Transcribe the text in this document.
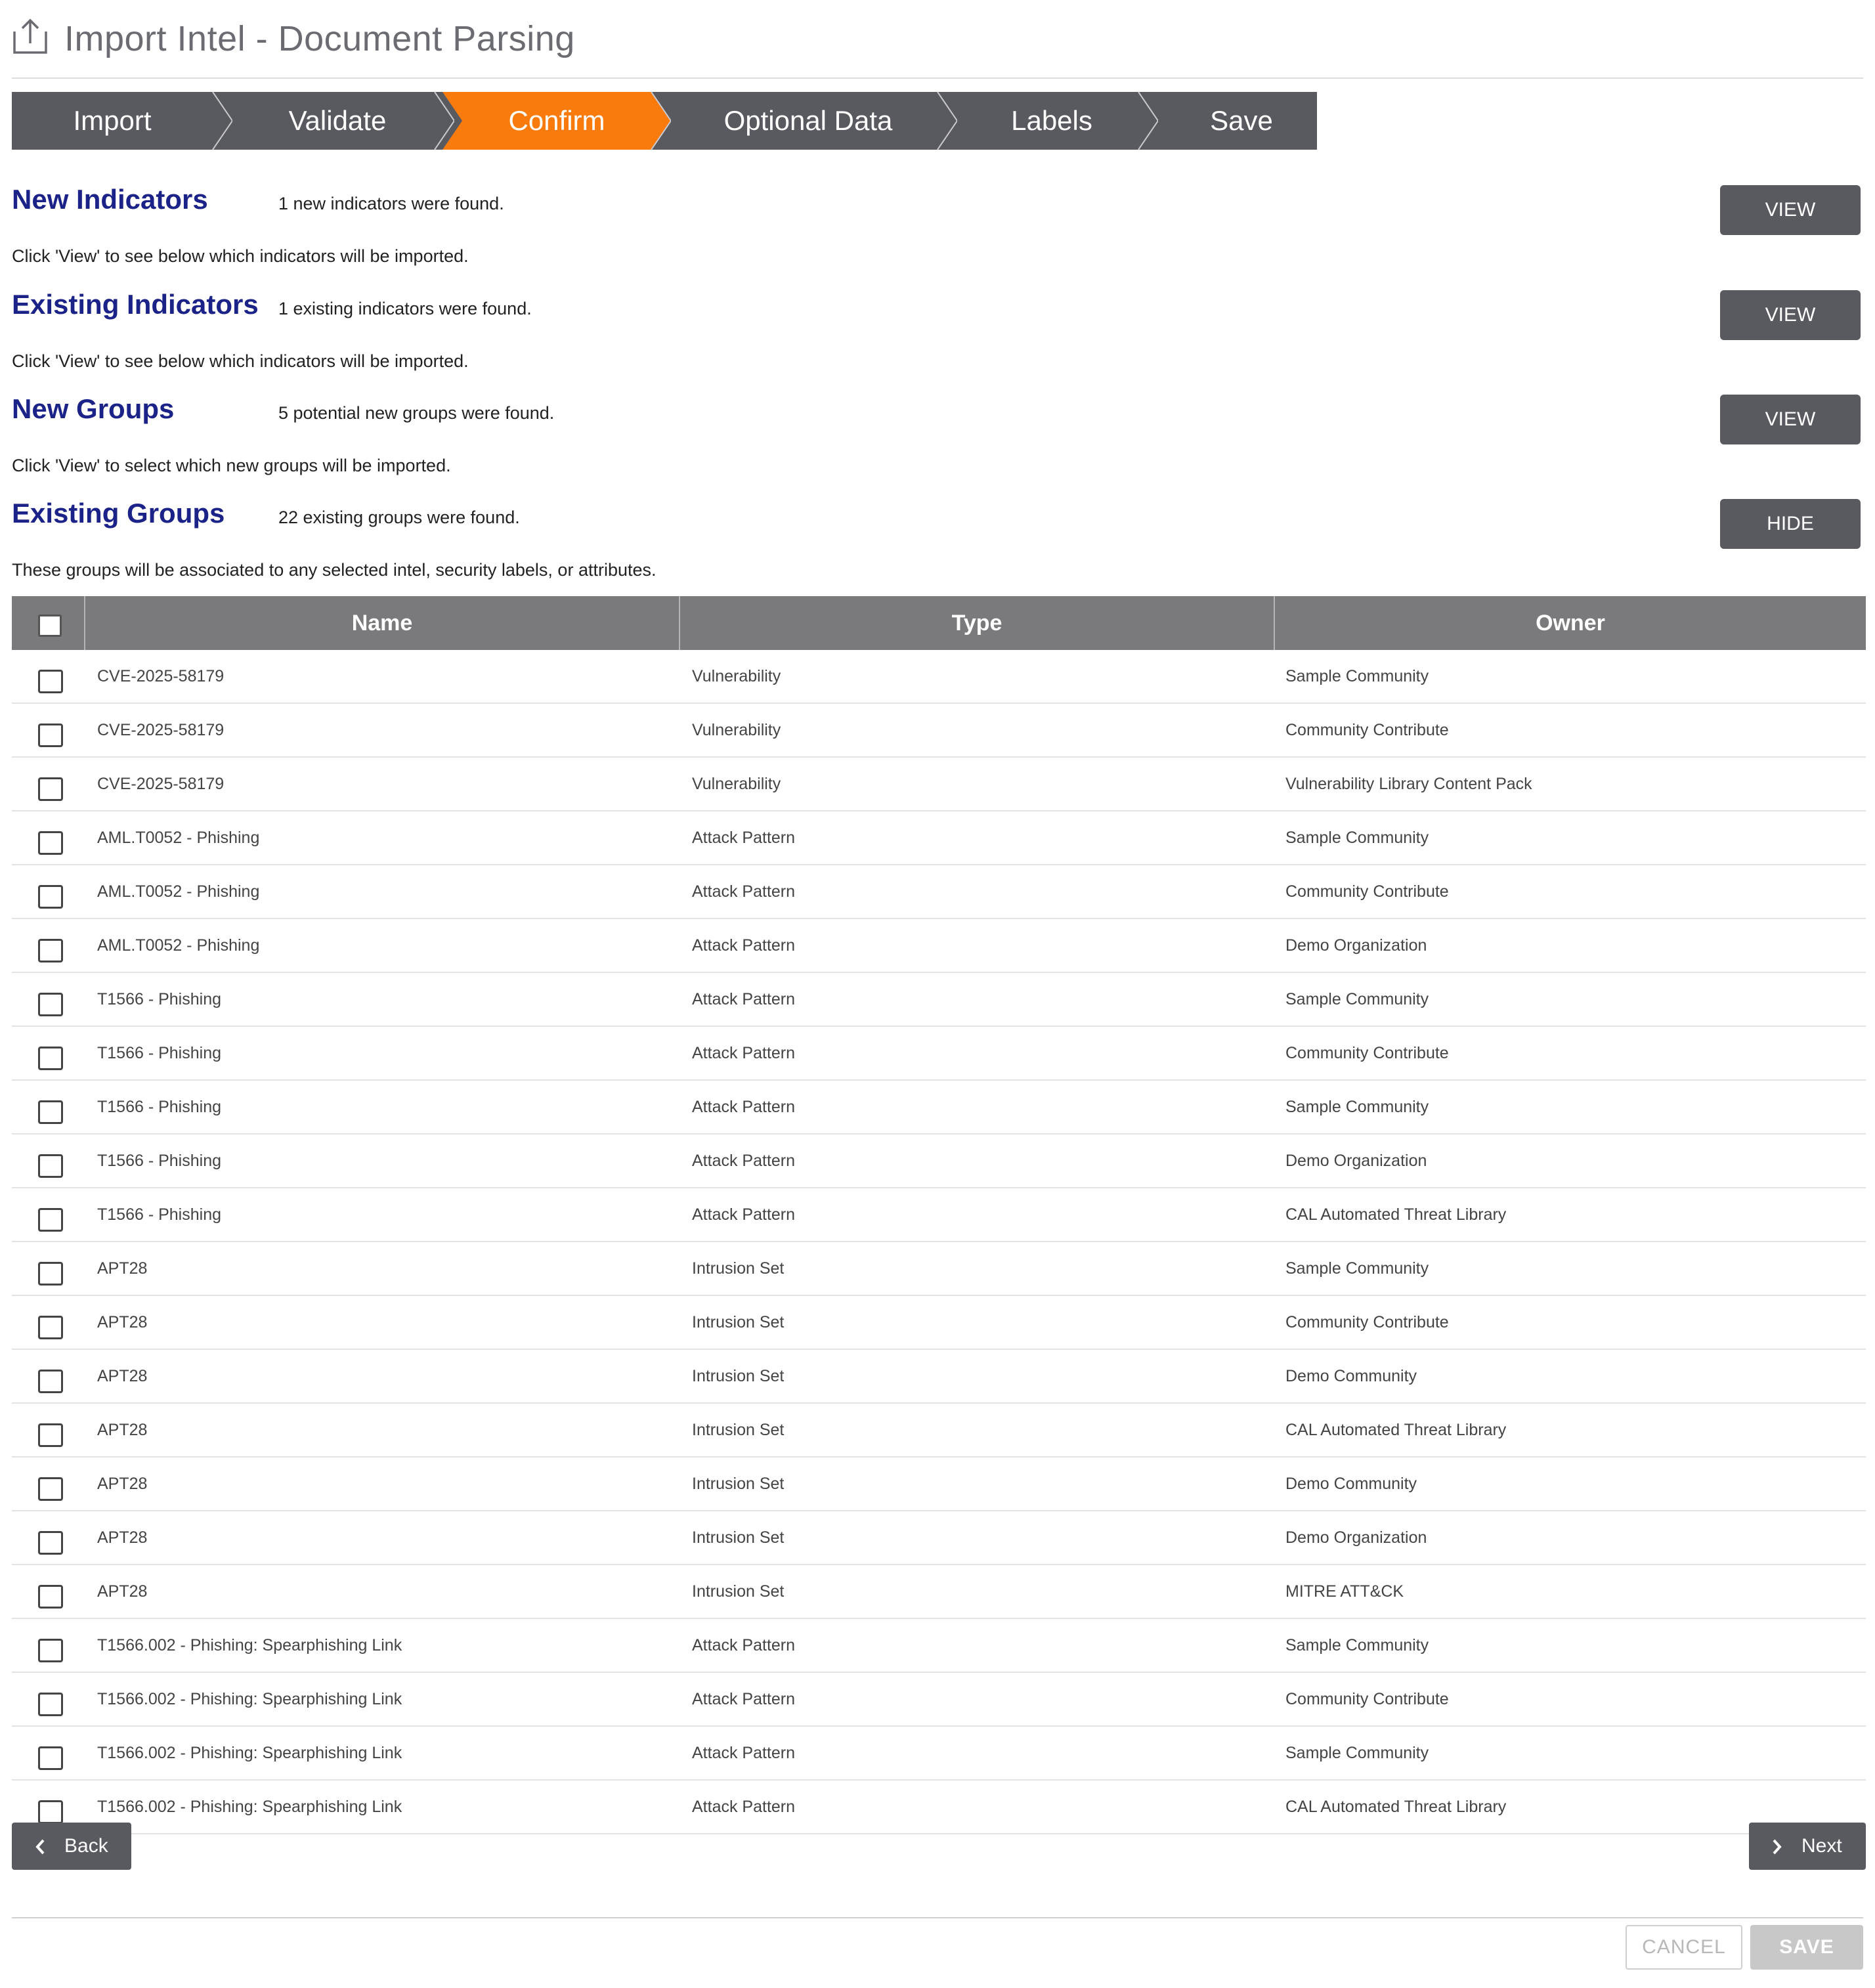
Import Intel - Document Parsing
Import	Validate	Confirm	Optional Data	Labels	Save
New Indicators	1 new indicators were found.	VIEW
Click 'View' to see below which indicators will be imported.
Existing Indicators 1 existing indicators were found.	VIEW
Click 'View' to see below which indicators will be imported.
New Groups	5 potential new groups were found.	VIEW
Click 'View' to select which new groups will be imported.
Existing Groups	22 existing groups were found.	HIDE
These groups will be associated to any selected intel, security labels, or attributes.
Name	Type	Owner
CVE-2025-58179	Vulnerability	Sample Community
CVE-2025-58179	Vulnerability	Community Contribute
CVE-2025-58179	Vulnerability	Vulnerability Library Content Pack
AML.T0052 - Phishing	Attack Pattern	Sample Community
AML.T0052 - Phishing	Attack Pattern	Community Contribute
AML.T0052 - Phishing	Attack Pattern	Demo Organization
T1566 - Phishing	Attack Pattern	Sample Community
T1566 - Phishing	Attack Pattern	Community Contribute
T1566 - Phishing	Attack Pattern	Sample Community
T1566 - Phishing	Attack Pattern	Demo Organization
T1566 - Phishing	Attack Pattern	CAL Automated Threat Library
APT28	Intrusion Set	Sample Community
APT28	Intrusion Set	Community Contribute
APT28	Intrusion Set	Demo Community
APT28	Intrusion Set	CAL Automated Threat Library
APT28	Intrusion Set	Demo Community
APT28	Intrusion Set	Demo Organization
APT28	Intrusion Set	MITRE ATT&CK
T1566.002 - Phishing: Spearphishing Link	Attack Pattern	Sample Community
T1566.002 - Phishing: Spearphishing Link	Attack Pattern	Community Contribute
T1566.002 - Phishing: Spearphishing Link	Attack Pattern	Sample Community
T1566.002 - Phishing: Spearphishing Link	Attack Pattern	CAL Automated Threat Library
Back	Next
CANCEL	SAVE
